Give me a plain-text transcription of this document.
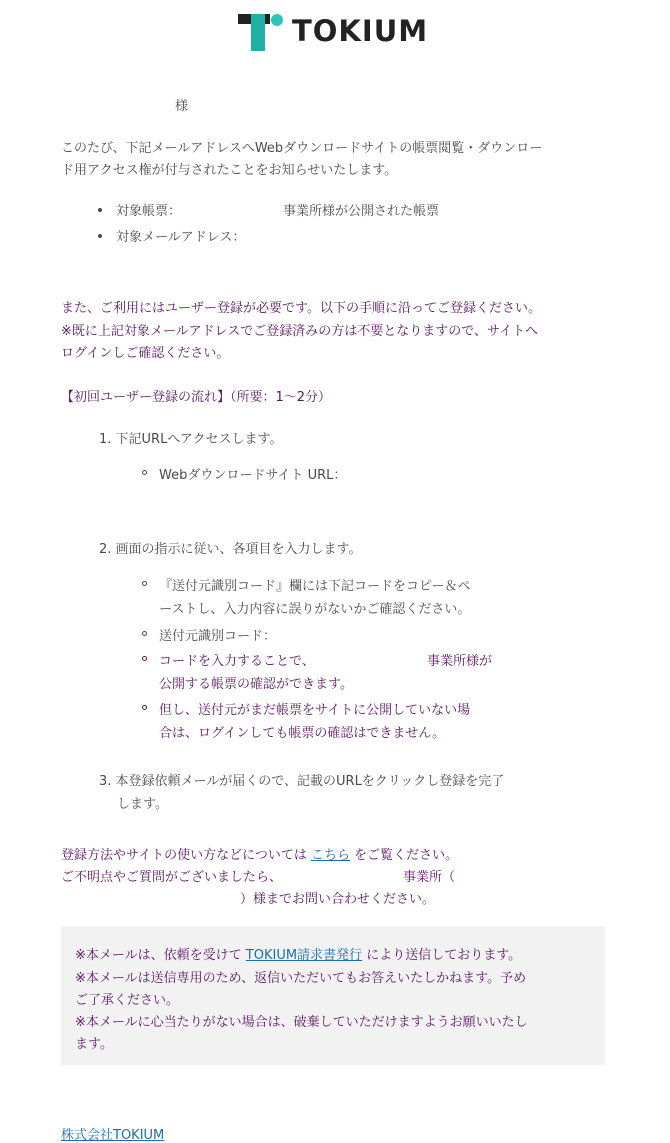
TOKIUM
様
このたび、下記メールアドレスへWebダウンロードサイトの帳票閲覧・ダウンロー
ド用アクセス権が付与されたことをお知らせいたします。
対象帳票：	事業所様が公開された帳票
対象メールアドレス：
また、ご利用にはユーザー登録が必要です。以下の手順に沿ってご登録ください。
※既に上記対象メールアドレスでご登録済みの方は不要となりますので、サイトへ
ログインしご確認ください。
【初回ユーザー登録の流れ】（所要：1〜2分）
1. 下記URLへアクセスします。
Webダウンロードサイト URL：
2. 画面の指示に従い、各項目を入力します。
『送付元識別コード』欄には下記コードをコピー＆ペ
ーストし、入力内容に誤りがないかご確認ください。
送付元識別コード：
コードを入力することで、	事業所様が
公開する帳票の確認ができます。
但し、送付元がまだ帳票をサイトに公開していない場
合は、ログインしても帳票の確認はできません。
3. 本登録依頼メールが届くので、記載のURLをクリックし登録を完了
します。
登録方法やサイトの使い方などについては こちら をご覧ください。
ご不明点やご質問がございましたら、	事業所（
）様までお問い合わせください。
※本メールは、依頼を受けて TOKIUM請求書発行 により送信しております。
※本メールは送信専用のため、返信いただいてもお答えいたしかねます。予め
ご了承ください。
※本メールに心当たりがない場合は、破棄していただけますようお願いいたし
ます。
株式会社TOKIUM
